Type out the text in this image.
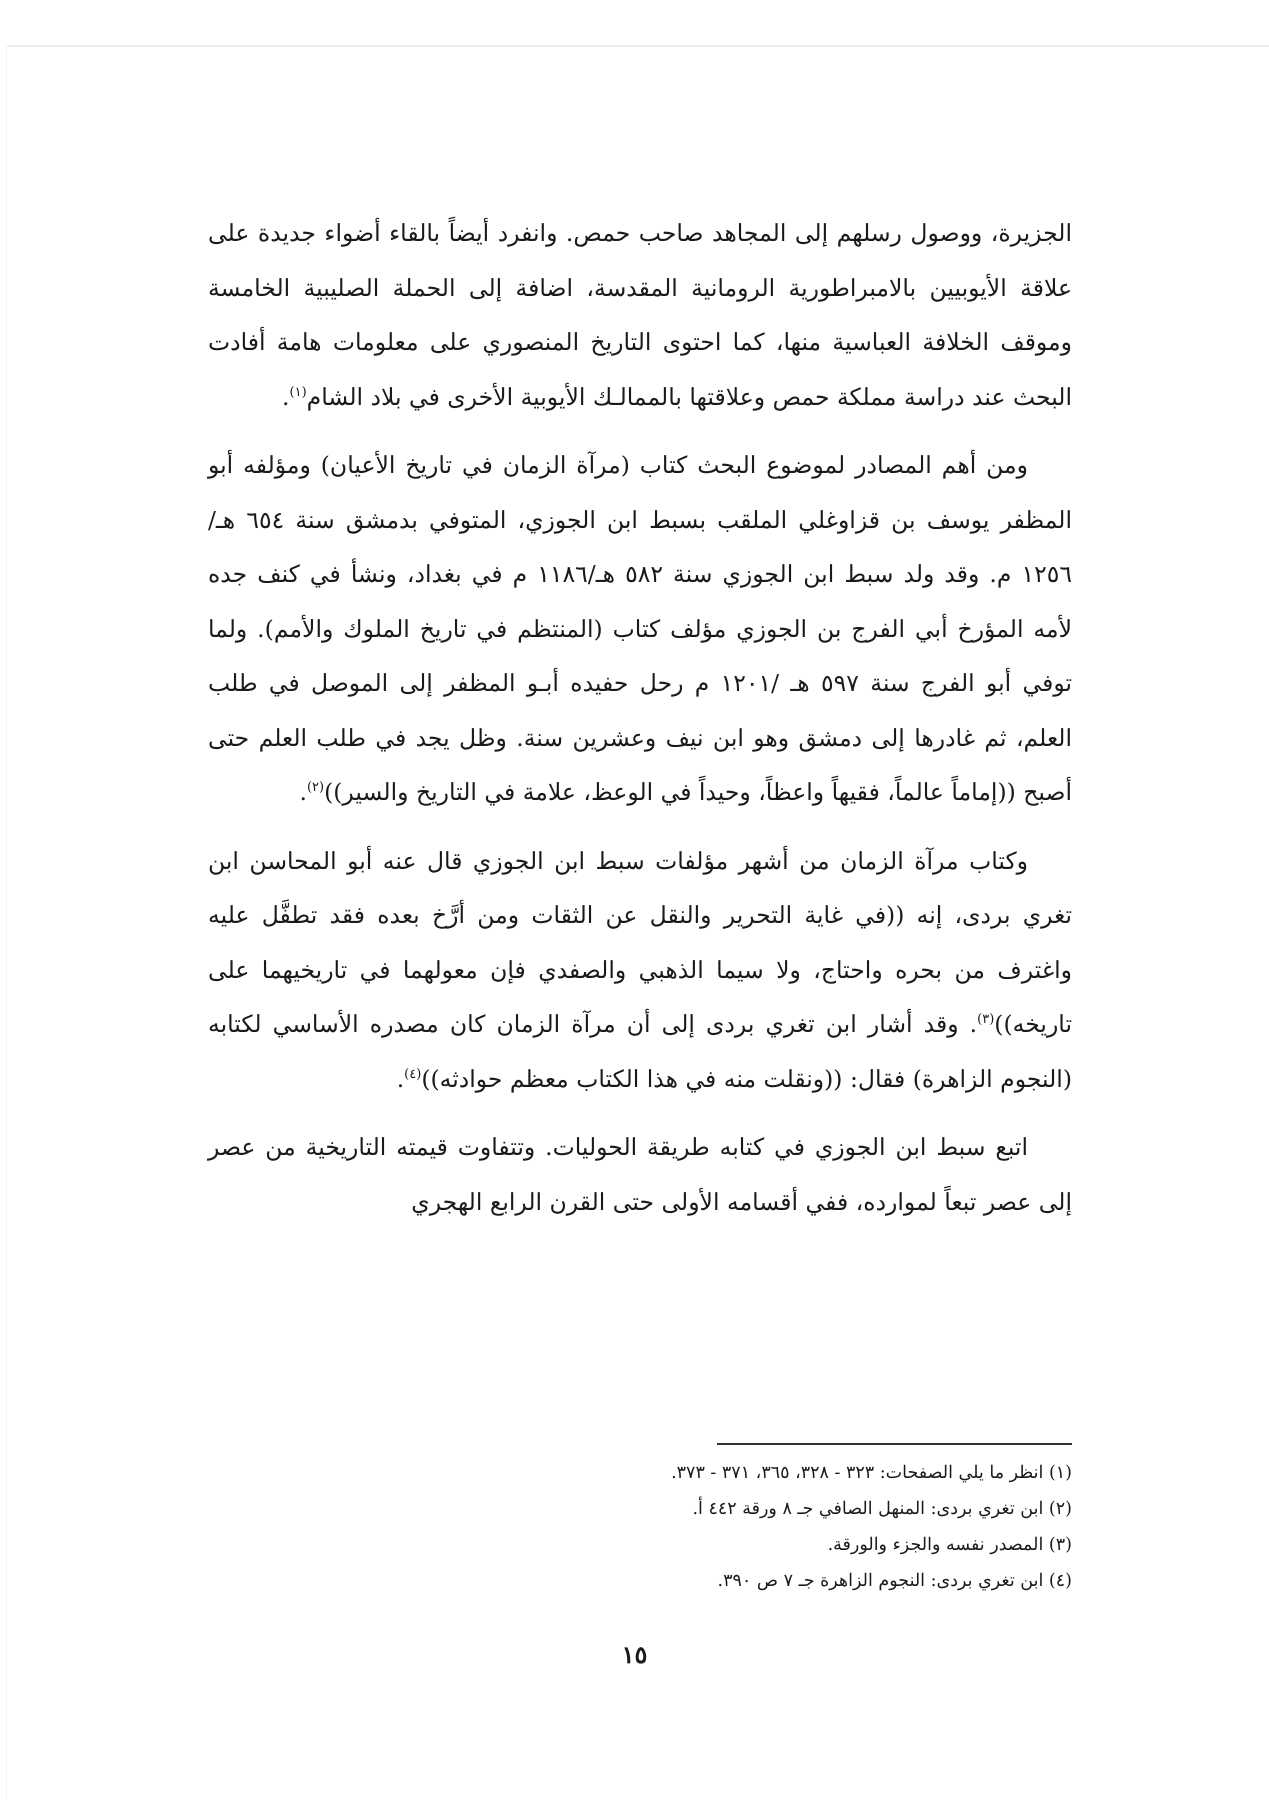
الجزيرة، ووصول رسلهم إلى المجاهد صاحب حمص. وانفرد أيضاً بالقاء أضواء جديدة على علاقة الأيوبيين بالامبراطورية الرومانية المقدسة، اضافة إلى الحملة الصليبية الخامسة وموقف الخلافة العباسية منها، كما احتوى التاريخ المنصوري على معلومات هامة أفادت البحث عند دراسة مملكة حمص وعلاقتها بالممالـك الأيوبية الأخرى في بلاد الشام$^{(١)}$.

ومن أهم المصادر لموضوع البحث كتاب (مرآة الزمان في تاريخ الأعيان) ومؤلفه أبو المظفر يوسف بن قزاوغلي الملقب بسبط ابن الجوزي، المتوفي بدمشق سنة ٦٥٤ هـ/١٢٥٦ م. وقد ولد سبط ابن الجوزي سنة ٥٨٢ هـ/١١٨٦ م في بغداد، ونشأ في كنف جده لأمه المؤرخ أبي الفرج بن الجوزي مؤلف كتاب (المنتظم في تاريخ الملوك والأمم). ولما توفي أبو الفرج سنة ٥٩٧ هـ /١٢٠١ م رحل حفيده أبـو المظفر إلى الموصل في طلب العلم، ثم غادرها إلى دمشق وهو ابن نيف وعشرين سنة. وظل يجد في طلب العلم حتى أصبح ((إماماً عالماً، فقيهاً واعظاً، وحيداً في الوعظ، علامة في التاريخ والسير))$^{(٢)}$.

وكتاب مرآة الزمان من أشهر مؤلفات سبط ابن الجوزي قال عنه أبو المحاسن ابن تغري بردى، إنه ((في غاية التحرير والنقل عن الثقات ومن أرَّخ بعده فقد تطفَّل عليه واغترف من بحره واحتاج، ولا سيما الذهبي والصفدي فإن معولهما في تاريخيهما على تاريخه))$^{(٣)}$. وقد أشار ابن تغري بردى إلى أن مرآة الزمان كان مصدره الأساسي لكتابه (النجوم الزاهرة) فقال: ((ونقلت منه في هذا الكتاب معظم حوادثه))$^{(٤)}$.

اتبع سبط ابن الجوزي في كتابه طريقة الحوليات. وتتفاوت قيمته التاريخية من عصر إلى عصر تبعاً لموارده، ففي أقسامه الأولى حتى القرن الرابع الهجري

(١) انظر ما يلي الصفحات: ٣٢٣ - ٣٢٨، ٣٦٥، ٣٧١ - ٣٧٣.

(٢) ابن تغري بردى: المنهل الصافي جـ ٨ ورقة ٤٤٢ أ.

(٣) المصدر نفسه والجزء والورقة.

(٤) ابن تغري بردى: النجوم الزاهرة جـ ٧ ص ٣٩٠.

١٥
